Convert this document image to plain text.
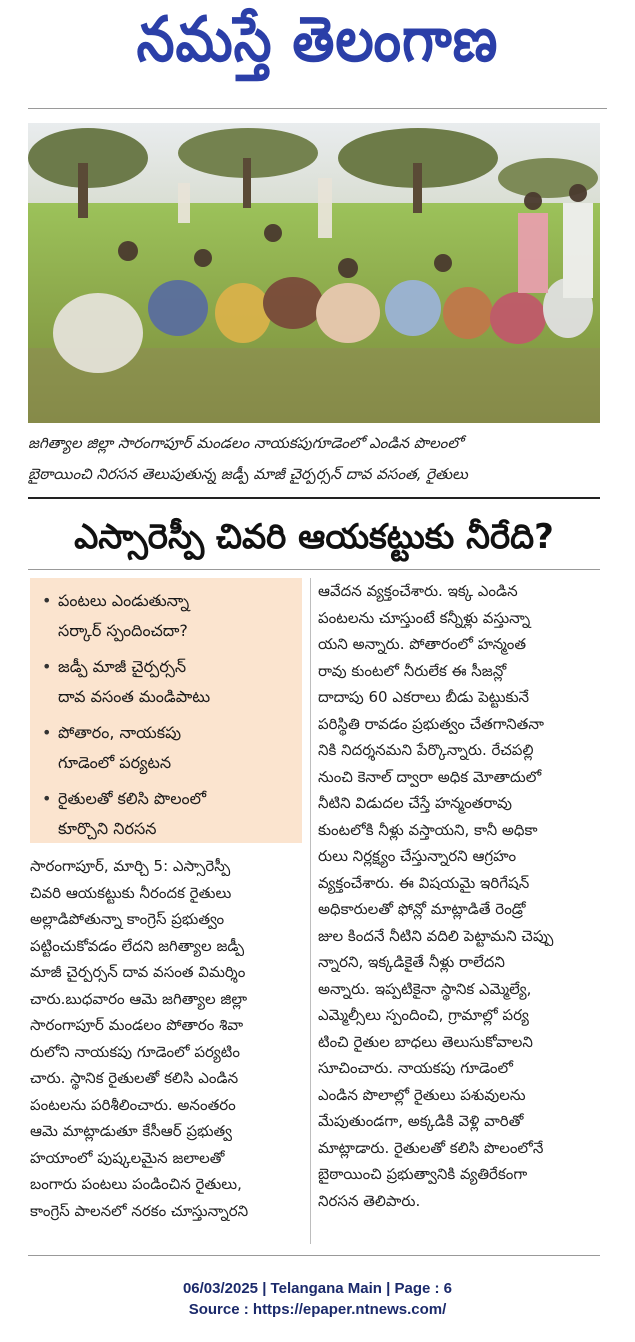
నమస్తే తెలంగాణ
జగిత్యాల జిల్లా సారంగాపూర్ మండలం నాయకపుగూడెంలో ఎండిన పొలంలో
బైఠాయించి నిరసన తెలుపుతున్న జడ్పీ మాజీ చైర్పర్సన్ దావ వసంత, రైతులు
ఎస్సారెస్పీ చివరి ఆయకట్టుకు నీరేది?
• పంటలు ఎండుతున్నా
సర్కార్ స్పందించదా?
• జడ్పీ మాజీ చైర్పర్సన్
దావ వసంత మండిపాటు
• పోతారం, నాయకపు
గూడెంలో పర్యటన
• రైతులతో కలిసి పొలంలో
కూర్చొని నిరసన
సారంగాపూర్, మార్చి 5: ఎస్సారెస్పీ
చివరి ఆయకట్టుకు నీరందక రైతులు
అల్లాడిపోతున్నా కాంగ్రెస్ ప్రభుత్వం
పట్టించుకోవడం లేదని జగిత్యాల జడ్పీ
మాజీ చైర్పర్సన్ దావ వసంత విమర్శిం
చారు.బుధవారం ఆమె జగిత్యాల జిల్లా
సారంగాపూర్ మండలం పోతారం శివా
రులోని నాయకపు గూడెంలో పర్యటిం
చారు. స్థానిక రైతులతో కలిసి ఎండిన
పంటలను పరిశీలించారు. అనంతరం
ఆమె మాట్లాడుతూ కేసీఆర్ ప్రభుత్వ
హయాంలో పుష్కలమైన జలాలతో
బంగారు పంటలు పండించిన రైతులు,
కాంగ్రెస్ పాలనలో నరకం చూస్తున్నారని
ఆవేదన వ్యక్తంచేశారు. ఇక్క ఎండిన
పంటలను చూస్తుంటే కన్నీళ్లు వస్తున్నా
యని అన్నారు. పోతారంలో హన్మంత
రావు కుంటలో నీరులేక ఈ సీజన్లో
దాదాపు 60 ఎకరాలు బీడు పెట్టుకునే
పరిస్థితి రావడం ప్రభుత్వం చేతగానితనా
నికి నిదర్శనమని పేర్కొన్నారు. రేచపల్లి
నుంచి కెనాల్ ద్వారా అధిక మోతాదులో
నీటిని విడుదల చేస్తే హన్మంతరావు
కుంటలోకి నీళ్లు వస్తాయని, కానీ అధికా
రులు నిర్లక్ష్యం చేస్తున్నారని ఆగ్రహం
వ్యక్తంచేశారు. ఈ విషయమై ఇరిగేషన్
అధికారులతో ఫోన్లో మాట్లాడితే రెండ్రో
జుల కిందనే నీటిని వదిలి పెట్టామని చెప్పు
న్నారని, ఇక్కడికైతే నీళ్లు రాలేదని
అన్నారు. ఇప్పటికైనా స్థానిక ఎమ్మెల్యే,
ఎమ్మెల్సీలు స్పందించి, గ్రామాల్లో పర్య
టించి రైతుల బాధలు తెలుసుకోవాలని
సూచించారు. నాయకపు గూడెంలో
ఎండిన పొలాల్లో రైతులు పశువులను
మేపుతుండగా, అక్కడికి వెళ్లి వారితో
మాట్లాడారు. రైతులతో కలిసి పొలంలోనే
బైఠాయించి ప్రభుత్వానికి వ్యతిరేకంగా
నిరసన తెలిపారు.
06/03/2025 | Telangana Main | Page : 6
Source : https://epaper.ntnews.com/
